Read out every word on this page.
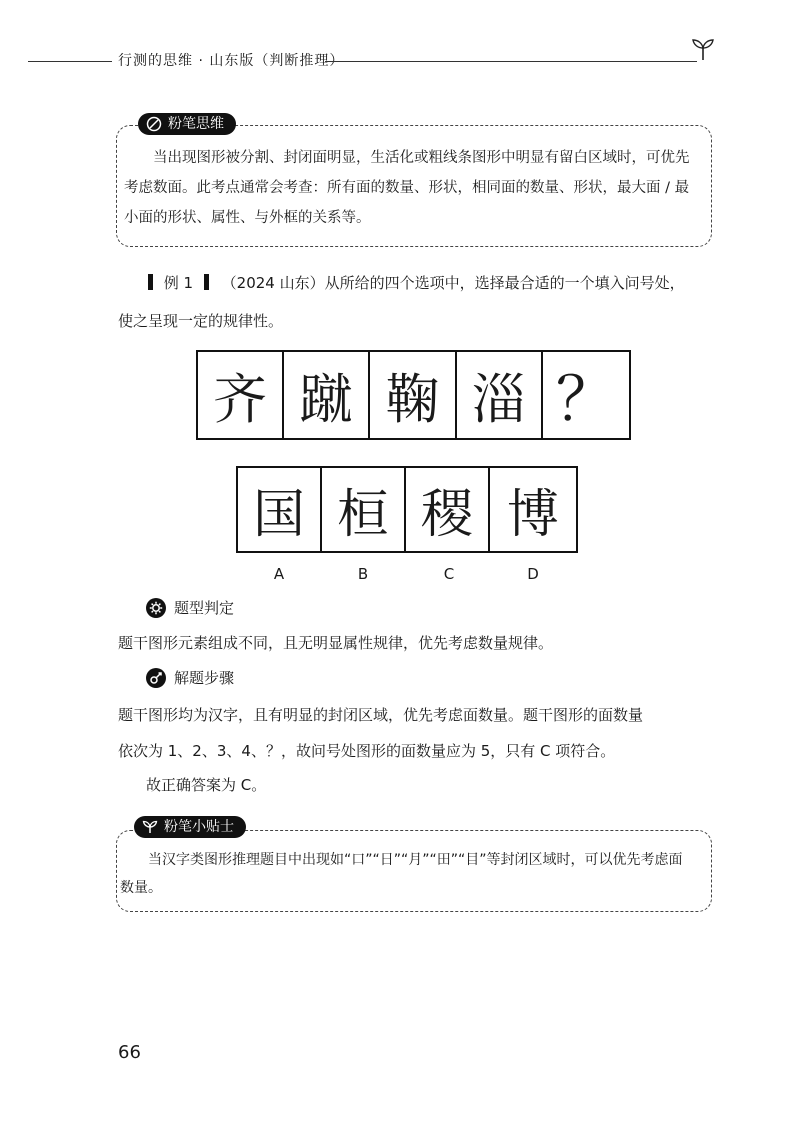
行测的思维 · 山东版（判断推理）
粉笔思维
当出现图形被分割、封闭面明显，生活化或粗线条图形中明显有留白区域时，可优先考虑数面。此考点通常会考查：所有面的数量、形状，相同面的数量、形状，最大面 / 最小面的形状、属性、与外框的关系等。
例 1 （2024 山东）从所给的四个选项中，选择最合适的一个填入问号处，
使之呈现一定的规律性。
齐 蹴 鞠 淄 ？
国 桓 稷 博
A	B	C	D
题型判定
题干图形元素组成不同，且无明显属性规律，优先考虑数量规律。
解题步骤
题干图形均为汉字，且有明显的封闭区域，优先考虑面数量。题干图形的面数量
依次为 1、2、3、4、？，故问号处图形的面数量应为 5，只有 C 项符合。
故正确答案为 C。
粉笔小贴士
当汉字类图形推理题目中出现如“口”“日”“月”“田”“目”等封闭区域时，可以优先考虑面数量。
66
